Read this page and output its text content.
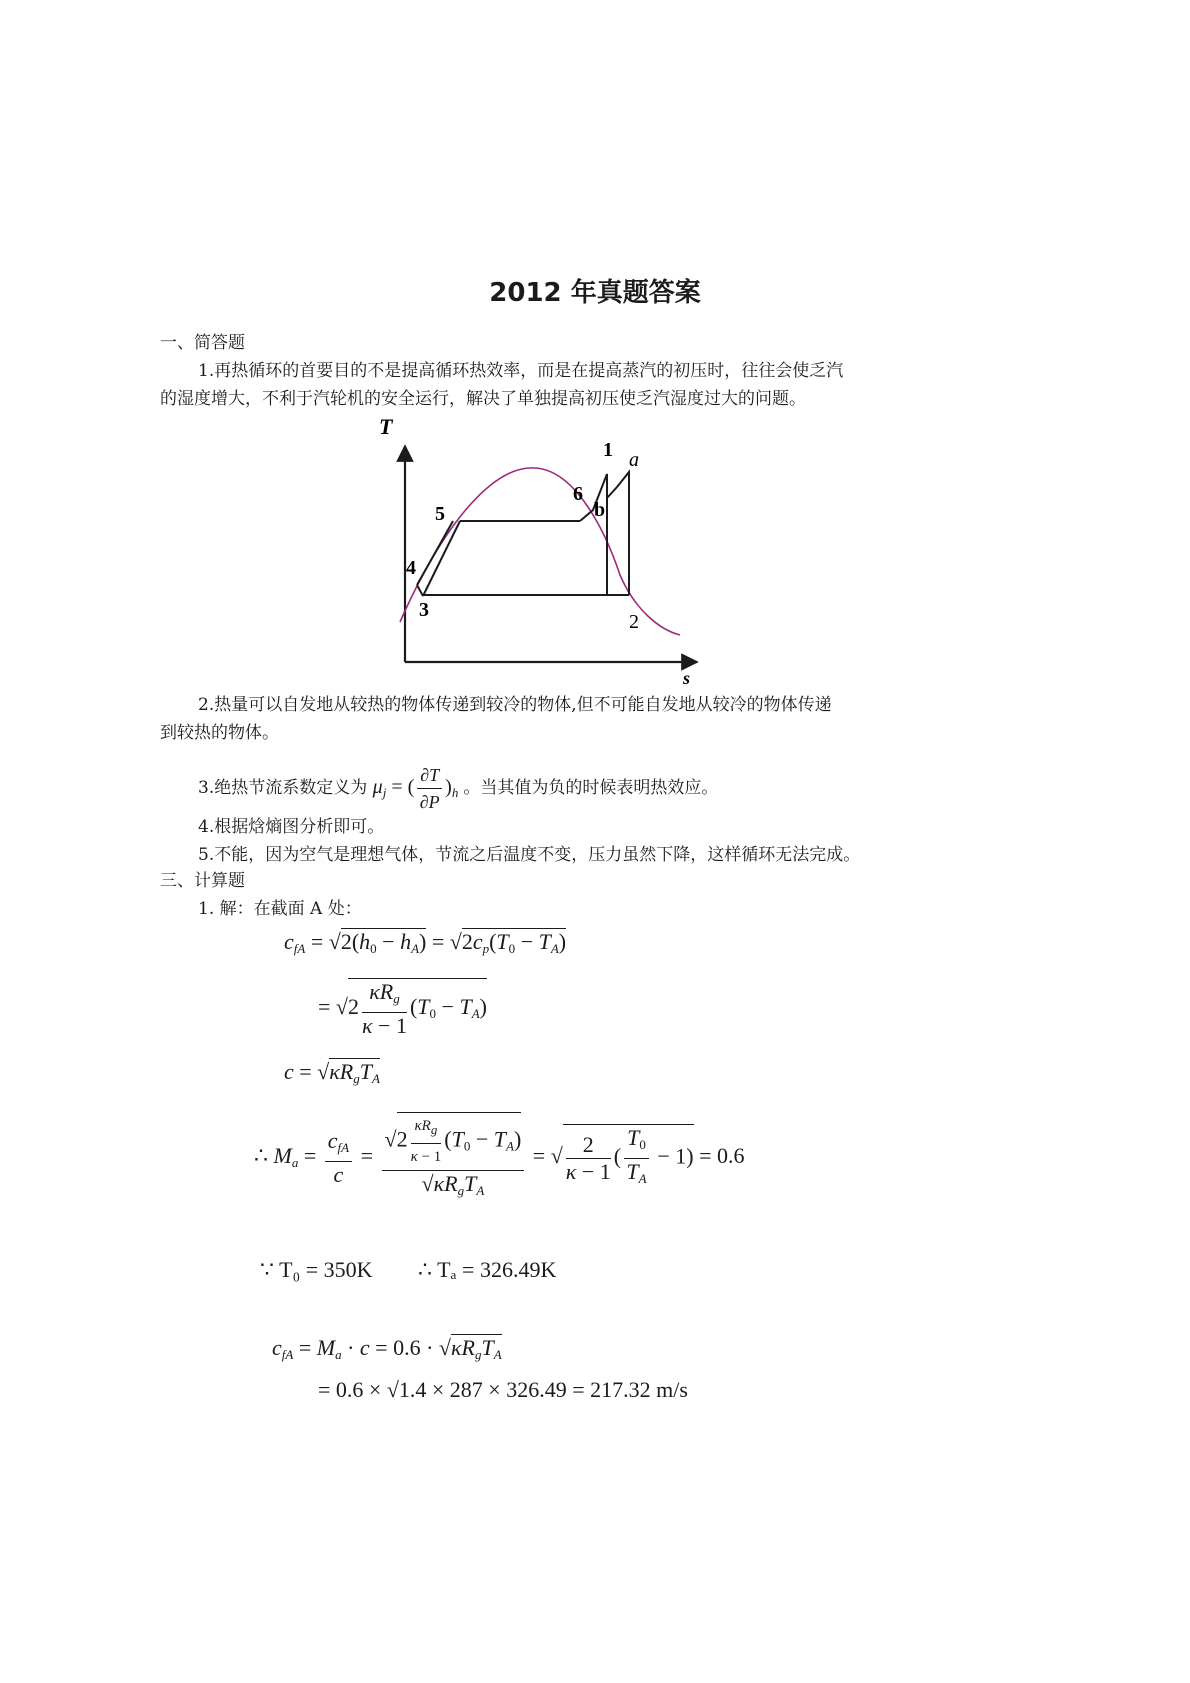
2012 年真题答案
一、简答题
1.再热循环的首要目的不是提高循环热效率，而是在提高蒸汽的初压时，往往会使乏汽
的湿度增大，不利于汽轮机的安全运行，解决了单独提高初压使乏汽湿度过大的问题。
T
s
1 a
6
b
5
4
3
2
2.热量可以自发地从较热的物体传递到较冷的物体,但不可能自发地从较冷的物体传递
到较热的物体。
3.绝热节流系数定义为 $\mu_j$ = ( $\frac{\partial T}{\partial P} )_h$ 。当其值为负的时候表明热效应。
4.根据焓熵图分析即可。
5.不能，因为空气是理想气体，节流之后温度不变，压力虽然下降，这样循环无法完成。
三、计算题
1. 解：在截面 A 处：
$c_{fA} = √2(h_0 - h_A) = √2c_p(T_0 - T_A)$
= $√2 \frac{\kappa R_g}{\kappa - 1} (T_0 - T_A)$
$c = √\kappa R_gT_A$
∴ $M_a = \frac{c_{fA}}{c} = \frac{√2 \frac{\kappa R_g}{\kappa - 1} (T_0 - T_A)}{√\kappa R_gT_A}$ = √ $\frac{2}{\kappa - 1}$ ( $\frac{T_0}{T_A} - 1) = 0.6$
∵ T₀ = 350K ∴ Tₐ = 326.49K
$c_{fA} = M_a \cdot c = 0.6 \cdot √\kappa R_gT_A$
= 0.6 × √1.4 × 287 × 326.49 = 217.32 m/s
